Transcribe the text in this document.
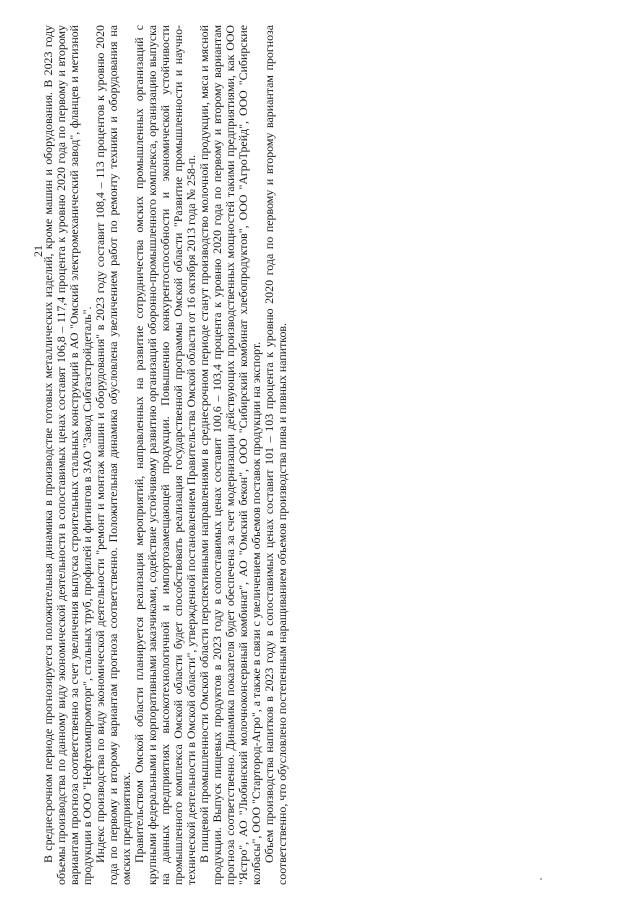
21

В среднесрочном периоде прогнозируется положительная динамика в производстве готовых металлических изделий, кроме машин и оборудования. В 2023 году объемы производства по данному виду экономической деятельности в сопоставимых ценах составят 106,8 – 117,4 процента к уровню 2020 года по первому и второму вариантам прогноза соответственно за счет увеличения выпуска строительных стальных конструкций в АО "Омский электромеханический завод", фланцев и метизной продукции в ООО "Нефтехимпромторг", стальных труб, профилей и фитингов в ЗАО "Завод Сибгазстройдеталь". Индекс производства по виду экономической деятельности "ремонт и монтаж машин и оборудования" в 2023 году составит 108,4 – 113 процентов к уровню 2020 года по первому и второму вариантам прогноза соответственно. Положительная динамика обусловлена увеличением работ по ремонту техники и оборудования на омских предприятиях. Правительством Омской области планируется реализация мероприятий, направленных на развитие сотрудничества омских промышленных организаций с крупными федеральными и корпоративными заказчиками, содействие устойчивому развитию организаций оборонно-промышленного комплекса, организацию выпуска на данных предприятиях высокотехнологичной и импортозамещающей продукции. Повышению конкурентоспособности и экономической устойчивости промышленного комплекса Омской области будет способствовать реализация государственной программы Омской области "Развитие промышленности и научно-технической деятельности в Омской области", утвержденной постановлением Правительства Омской области от 16 октября 2013 года № 258-п. В пищевой промышленности Омской области перспективными направлениями в среднесрочном периоде станут производство молочной продукции, мяса и мясной продукции. Выпуск пищевых продуктов в 2023 году в сопоставимых ценах составит 100,6 – 103,4 процента к уровню 2020 года по первому и второму вариантам прогноза соответственно. Динамика показателя будет обеспечена за счет модернизации действующих производственных мощностей такими предприятиями, как ООО "Ястро", АО "Любинский молочноконсервный комбинат", АО "Омский бекон", ООО "Сибирский комбинат хлебопродуктов", ООО "АгроТрейд", ООО "Сибирские колбасы", ООО "Стартород-Агро", а также в связи с увеличением объемов поставок продукции на экспорт. Объем производства напитков в 2023 году в сопоставимых ценах составит 101 – 103 процента к уровню 2020 года по первому и второму вариантам прогноза соответственно, что обусловлено постепенным наращиванием объемов производства пива и пивных напитков.
